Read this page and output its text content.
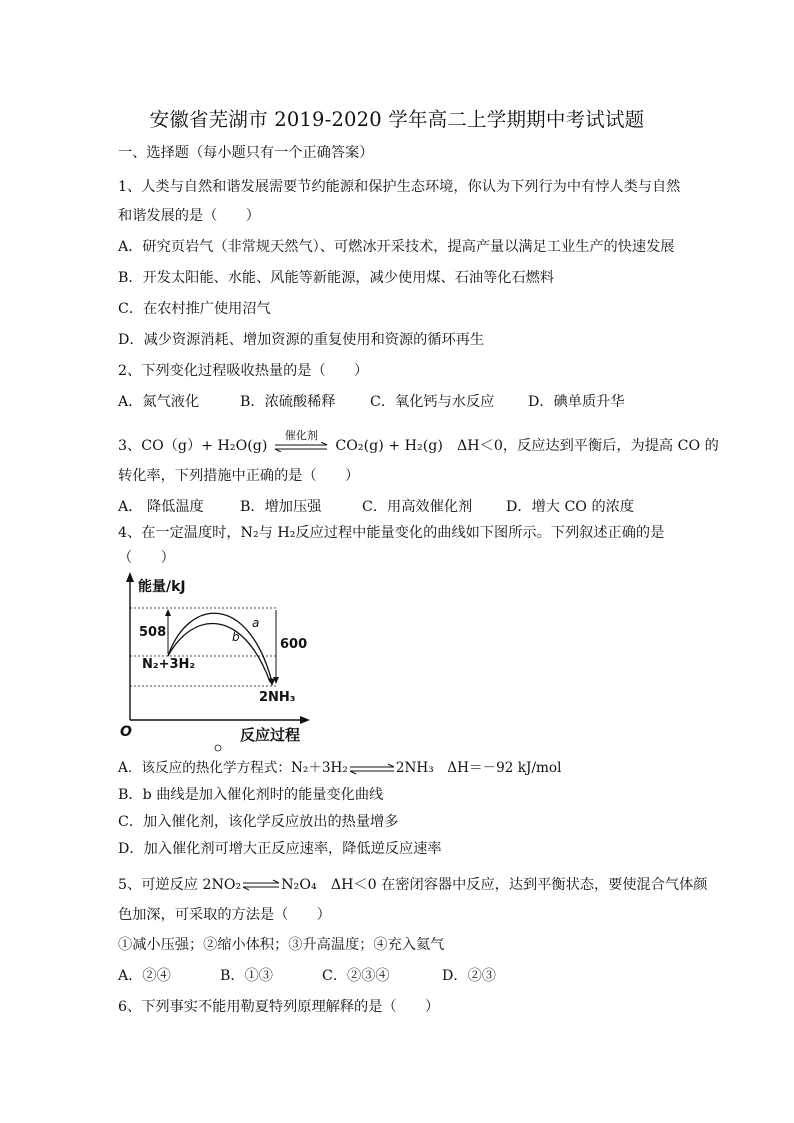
安徽省芜湖市 2019-2020 学年高二上学期期中考试试题
一、选择题（每小题只有一个正确答案）
1、人类与自然和谐发展需要节约能源和保护生态环境，你认为下列行为中有悖人类与自然
和谐发展的是（　　）
A．研究页岩气（非常规天然气）、可燃冰开采技术，提高产量以满足工业生产的快速发展
B．开发太阳能、水能、风能等新能源，减少使用煤、石油等化石燃料
C．在农村推广使用沼气
D．减少资源消耗、增加资源的重复使用和资源的循环再生
2、下列变化过程吸收热量的是（　　）
A．氮气液化	B．浓硫酸稀释 C．氧化钙与水反应 D．碘单质升华
3、CO（g）+ H₂O(g)
催化剂
CO₂(g) + H₂(g)　ΔH＜0，反应达到平衡后，为提高 CO 的
转化率，下列措施中正确的是（　　）
A． 降低温度	B．增加压强	C．用高效催化剂 D．增大 CO 的浓度
4、在一定温度时，N₂与 H₂反应过程中能量变化的曲线如下图所示。下列叙述正确的是
（　　）
能量/kJ
508
600
a
b
N₂+3H₂
2NH₃
O	反应过程
A．该反应的热化学方程式：N₂＋3H₂	2NH₃　ΔH＝－92 kJ/mol
B．b 曲线是加入催化剂时的能量变化曲线
C．加入催化剂，该化学反应放出的热量增多
D．加入催化剂可增大正反应速率，降低逆反应速率
5、可逆反应 2NO₂	N₂O₄　ΔH＜0 在密闭容器中反应，达到平衡状态，要使混合气体颜
色加深，可采取的方法是（　　）
①减小压强；②缩小体积；③升高温度；④充入氦气
A．②④	B．①③	C．②③④	D．②③
6、下列事实不能用勒夏特列原理解释的是（　　）
